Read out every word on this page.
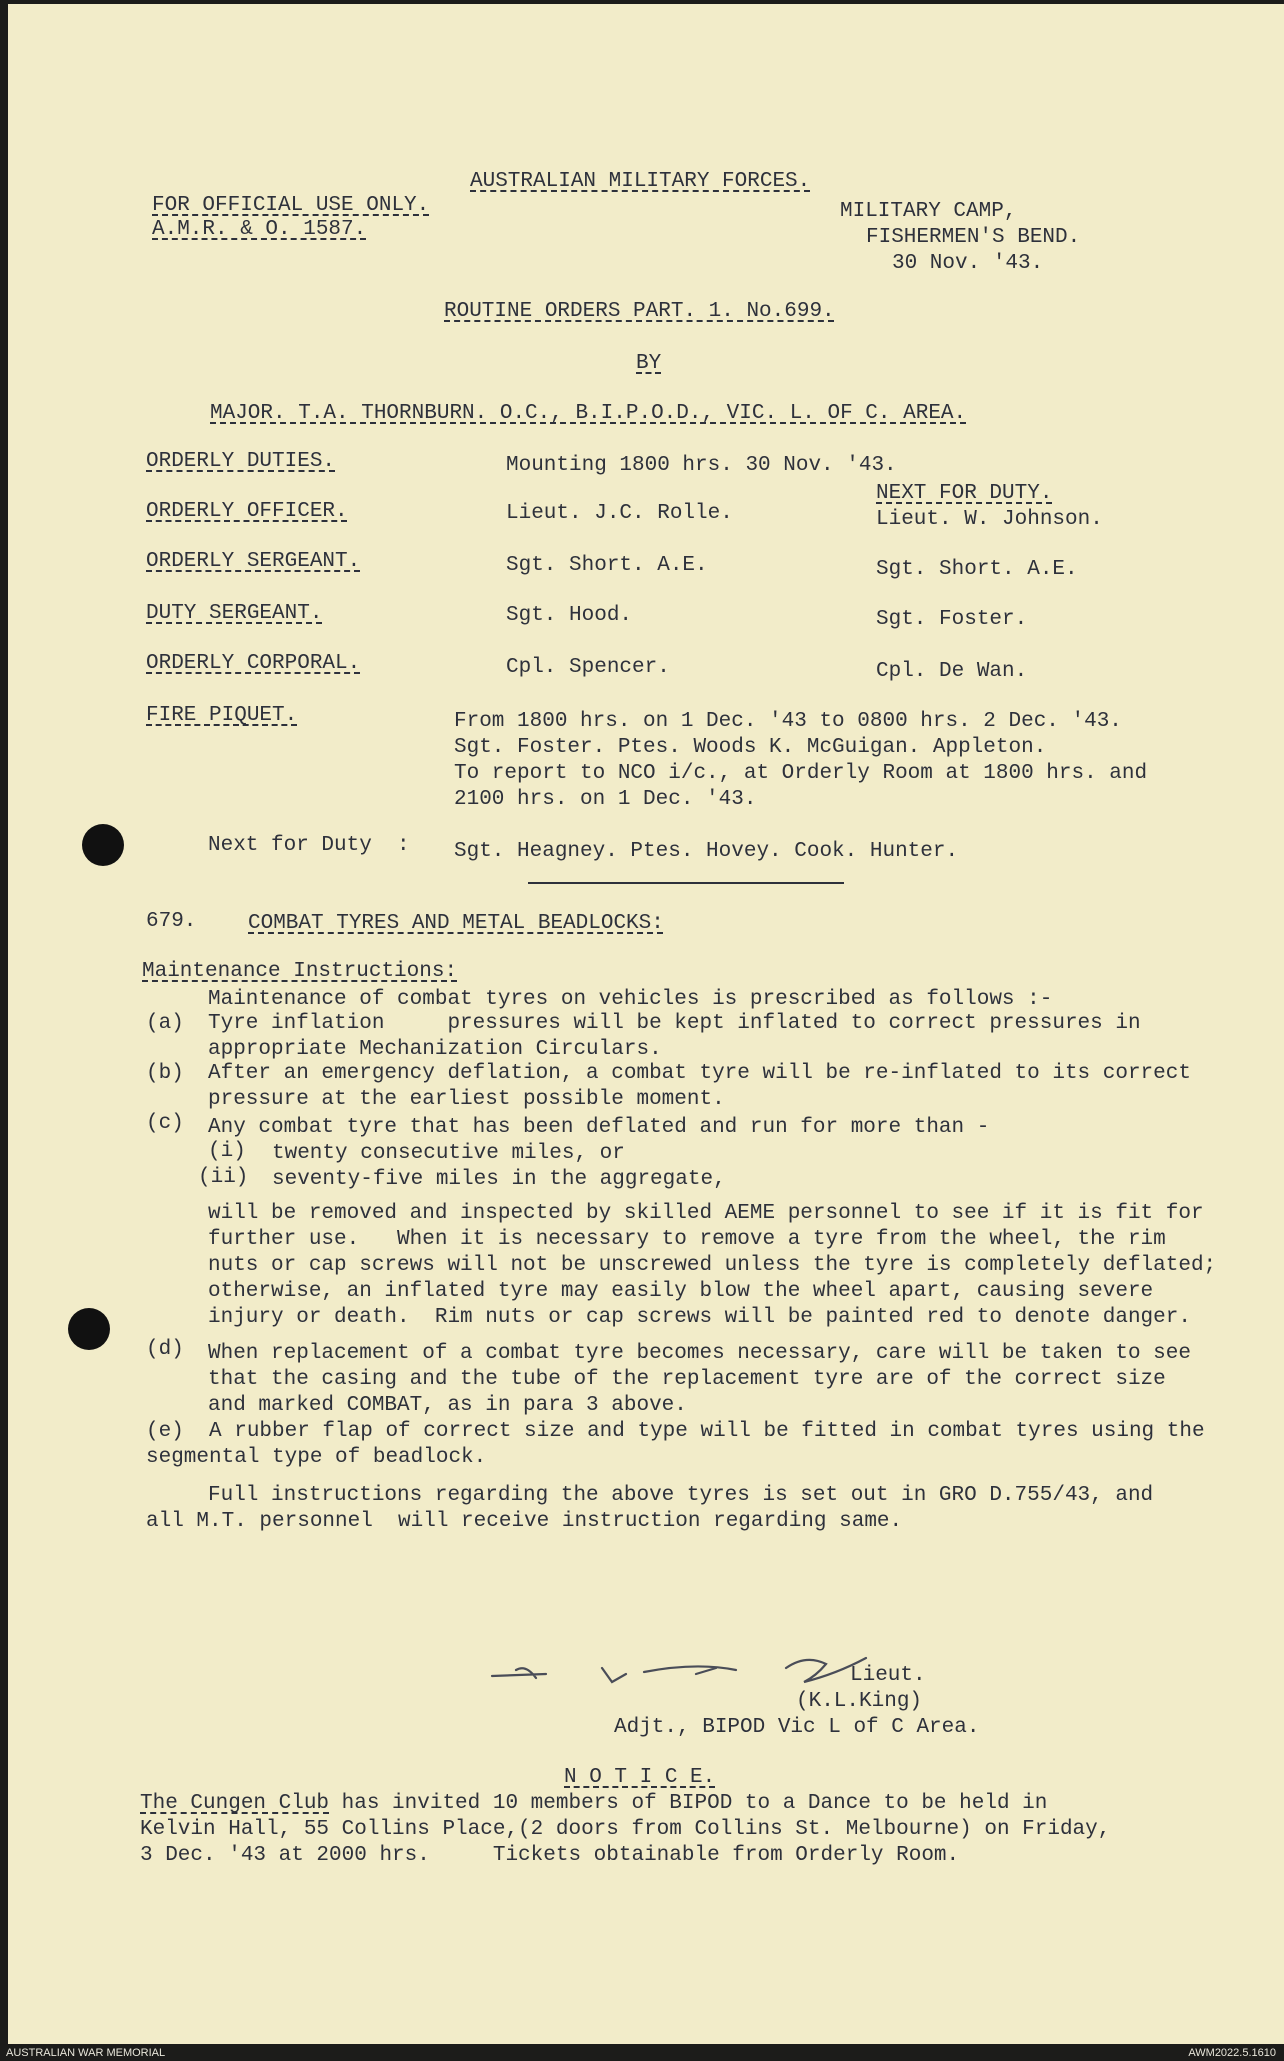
AUSTRALIAN MILITARY FORCES.
FOR OFFICIAL USE ONLY.
A.M.R. & O. 1587.
MILITARY CAMP,
FISHERMEN'S BEND.
30 Nov. '43.
ROUTINE ORDERS PART. 1. No.699.
BY
MAJOR. T.A. THORNBURN. O.C., B.I.P.O.D., VIC. L. OF C. AREA.
ORDERLY DUTIES.	Mounting 1800 hrs. 30 Nov. '43.
NEXT FOR DUTY.
ORDERLY OFFICER.	Lieut. J.C. Rolle.	Lieut. W. Johnson.
ORDERLY SERGEANT.	Sgt. Short. A.E.	Sgt. Short. A.E.
DUTY SERGEANT.	Sgt. Hood.	Sgt. Foster.
ORDERLY CORPORAL.	Cpl. Spencer.	Cpl. De Wan.
FIRE PIQUET.	From 1800 hrs. on 1 Dec. '43 to 0800 hrs. 2 Dec. '43.
Sgt. Foster. Ptes. Woods K. McGuigan. Appleton.
To report to NCO i/c., at Orderly Room at 1800 hrs. and
2100 hrs. on 1 Dec. '43.
Next for Duty  : Sgt. Heagney. Ptes. Hovey. Cook. Hunter.
679. COMBAT TYRES AND METAL BEADLOCKS:
Maintenance Instructions:
Maintenance of combat tyres on vehicles is prescribed as follows :-
(a) Tyre inflation     pressures will be kept inflated to correct pressures in
appropriate Mechanization Circulars.
(b) After an emergency deflation, a combat tyre will be re-inflated to its correct
pressure at the earliest possible moment.
(c) Any combat tyre that has been deflated and run for more than -
(i) twenty consecutive miles, or
(ii) seventy-five miles in the aggregate,
will be removed and inspected by skilled AEME personnel to see if it is fit for
further use.   When it is necessary to remove a tyre from the wheel, the rim
nuts or cap screws will not be unscrewed unless the tyre is completely deflated;
otherwise, an inflated tyre may easily blow the wheel apart, causing severe
injury or death.  Rim nuts or cap screws will be painted red to denote danger.
(d) When replacement of a combat tyre becomes necessary, care will be taken to see
that the casing and the tube of the replacement tyre are of the correct size
and marked COMBAT, as in para 3 above.
(e)  A rubber flap of correct size and type will be fitted in combat tyres using the
segmental type of beadlock.
Full instructions regarding the above tyres is set out in GRO D.755/43, and
all M.T. personnel  will receive instruction regarding same.
Lieut.
(K.L.King)
Adjt., BIPOD Vic L of C Area.
N O T I C E.
The Cungen Club has invited 10 members of BIPOD to a Dance to be held in
Kelvin Hall, 55 Collins Place,(2 doors from Collins St. Melbourne) on Friday,
3 Dec. '43 at 2000 hrs.     Tickets obtainable from Orderly Room.
AUSTRALIAN WAR MEMORIAL	AWM2022.5.1610
